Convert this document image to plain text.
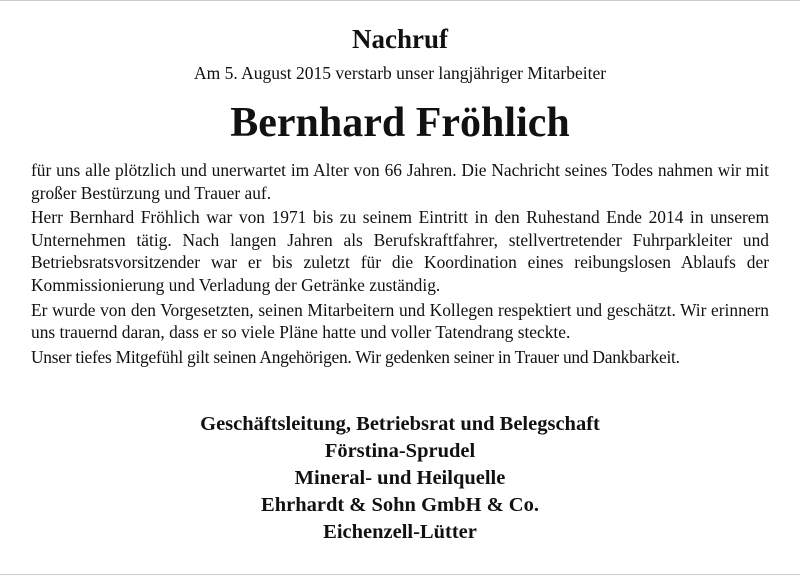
Nachruf
Am 5. August 2015 verstarb unser langjähriger Mitarbeiter
Bernhard Fröhlich

für uns alle plötzlich und unerwartet im Alter von 66 Jahren. Die Nachricht seines Todes nahmen wir mit großer Bestürzung und Trauer auf.

Herr Bernhard Fröhlich war von 1971 bis zu seinem Eintritt in den Ruhestand Ende 2014 in unserem Unternehmen tätig. Nach langen Jahren als Berufskraftfahrer, stellvertretender Fuhrparkleiter und Betriebsratsvorsitzender war er bis zuletzt für die Koordination eines reibungslosen Ablaufs der Kommissionierung und Verladung der Getränke zuständig.

Er wurde von den Vorgesetzten, seinen Mitarbeitern und Kollegen respektiert und geschätzt. Wir erinnern uns trauernd daran, dass er so viele Pläne hatte und voller Tatendrang steckte.

Unser tiefes Mitgefühl gilt seinen Angehörigen. Wir gedenken seiner in Trauer und Dankbarkeit.

Geschäftsleitung, Betriebsrat und Belegschaft
Förstina-Sprudel
Mineral- und Heilquelle
Ehrhardt & Sohn GmbH & Co.
Eichenzell-Lütter
